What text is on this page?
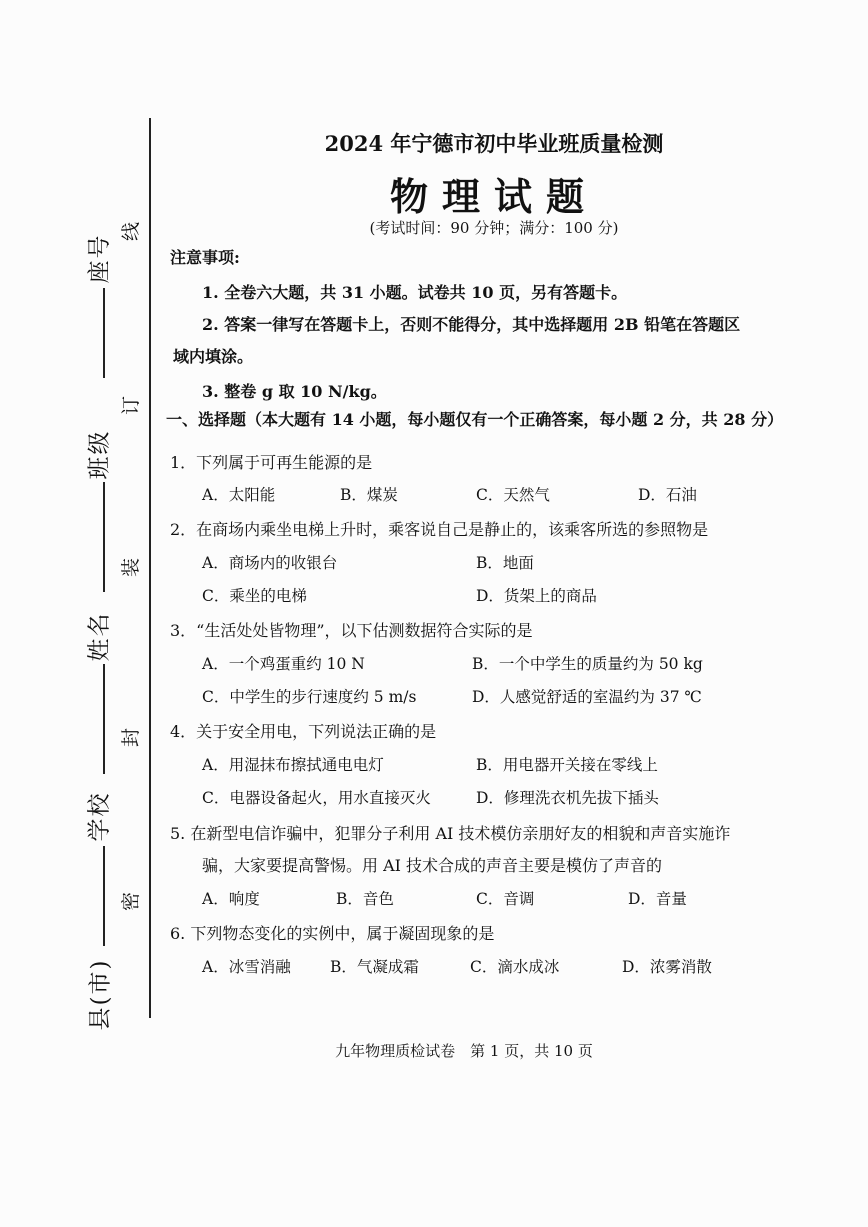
座号
班级
姓名
学校
县(市)
线
订
装
封
密
2024 年宁德市初中毕业班质量检测
物理试题
(考试时间：90 分钟；满分：100 分)
注意事项:
1. 全卷六大题，共 31 小题。试卷共 10 页，另有答题卡。
2. 答案一律写在答题卡上，否则不能得分，其中选择题用 2B 铅笔在答题区
域内填涂。
3. 整卷 g 取 10 N/kg。
一、选择题（本大题有 14 小题，每小题仅有一个正确答案，每小题 2 分，共 28 分）
1．下列属于可再生能源的是
A．太阳能	B．煤炭	C．天然气	D．石油
2．在商场内乘坐电梯上升时，乘客说自己是静止的，该乘客所选的参照物是
A．商场内的收银台	B．地面
C．乘坐的电梯	D．货架上的商品
3．“生活处处皆物理”，以下估测数据符合实际的是
A．一个鸡蛋重约 10 N	B．一个中学生的质量约为 50 kg
C．中学生的步行速度约 5 m/s	D．人感觉舒适的室温约为 37 ℃
4．关于安全用电，下列说法正确的是
A．用湿抹布擦拭通电电灯	B．用电器开关接在零线上
C．电器设备起火，用水直接灭火	D．修理洗衣机先拔下插头
5. 在新型电信诈骗中，犯罪分子利用 AI 技术模仿亲朋好友的相貌和声音实施诈
骗，大家要提高警惕。用 AI 技术合成的声音主要是模仿了声音的
A．响度	B．音色	C．音调	D．音量
6. 下列物态变化的实例中，属于凝固现象的是
A．冰雪消融	B．气凝成霜	C．滴水成冰	D．浓雾消散
九年物理质检试卷　第 1 页，共 10 页
